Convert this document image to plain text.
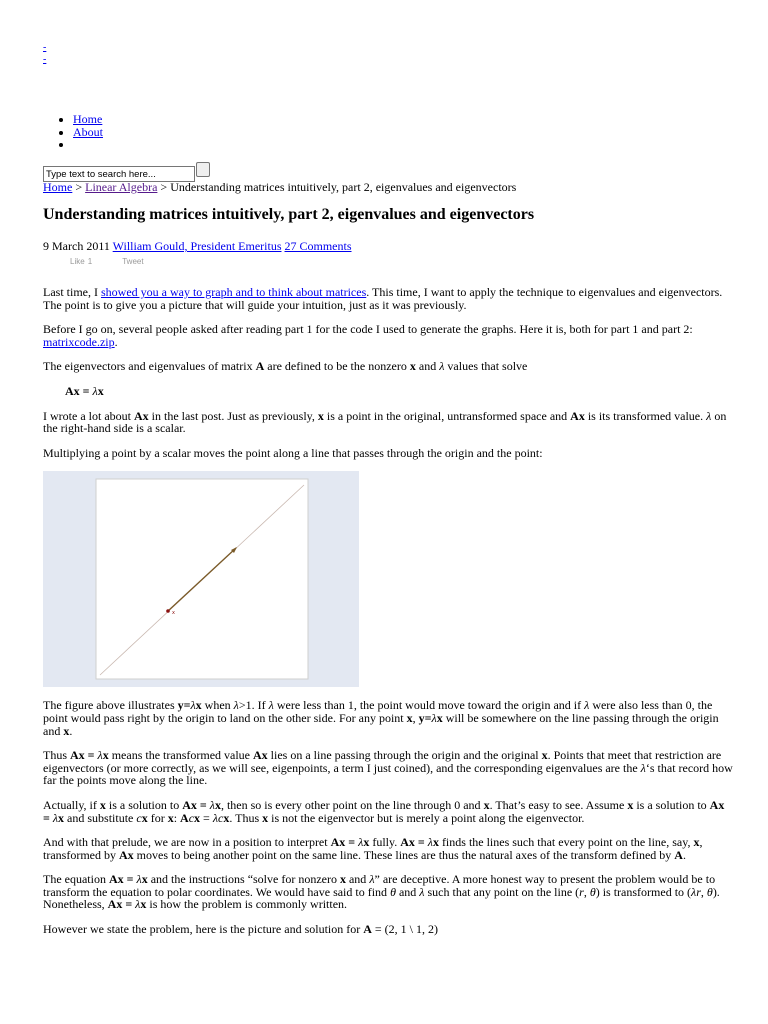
-
-
• Home
• About
•
Type text to search here...
Home > Linear Algebra > Understanding matrices intuitively, part 2, eigenvalues and eigenvectors
Understanding matrices intuitively, part 2, eigenvalues and eigenvectors
9 March 2011 William Gould, President Emeritus 27 Comments
Like 1	Tweet

Last time, I showed you a way to graph and to think about matrices. This time, I want to apply the technique to eigenvalues and eigenvectors. The point is to give you a picture that will guide your intuition, just as it was previously.

Before I go on, several people asked after reading part 1 for the code I used to generate the graphs. Here it is, both for part 1 and part 2: matrixcode.zip.

The eigenvectors and eigenvalues of matrix A are defined to be the nonzero x and λ values that solve

Ax = λx

I wrote a lot about Ax in the last post. Just as previously, x is a point in the original, untransformed space and Ax is its transformed value. λ on the right-hand side is a scalar.

Multiplying a point by a scalar moves the point along a line that passes through the origin and the point:

x

The figure above illustrates y=λx when λ>1. If λ were less than 1, the point would move toward the origin and if λ were also less than 0, the point would pass right by the origin to land on the other side. For any point x, y=λx will be somewhere on the line passing through the origin and x.

Thus Ax = λx means the transformed value Ax lies on a line passing through the origin and the original x. Points that meet that restriction are eigenvectors (or more correctly, as we will see, eigenpoints, a term I just coined), and the corresponding eigenvalues are the λ‘s that record how far the points move along the line.

Actually, if x is a solution to Ax = λx, then so is every other point on the line through 0 and x. That’s easy to see. Assume x is a solution to Ax = λx and substitute cx for x: Acx = λcx. Thus x is not the eigenvector but is merely a point along the eigenvector.

And with that prelude, we are now in a position to interpret Ax = λx fully. Ax = λx finds the lines such that every point on the line, say, x, transformed by Ax moves to being another point on the same line. These lines are thus the natural axes of the transform defined by A.

The equation Ax = λx and the instructions “solve for nonzero x and λ” are deceptive. A more honest way to present the problem would be to transform the equation to polar coordinates. We would have said to find θ and λ such that any point on the line (r, θ) is transformed to (λr, θ). Nonetheless, Ax = λx is how the problem is commonly written.

However we state the problem, here is the picture and solution for A = (2, 1 \ 1, 2)
